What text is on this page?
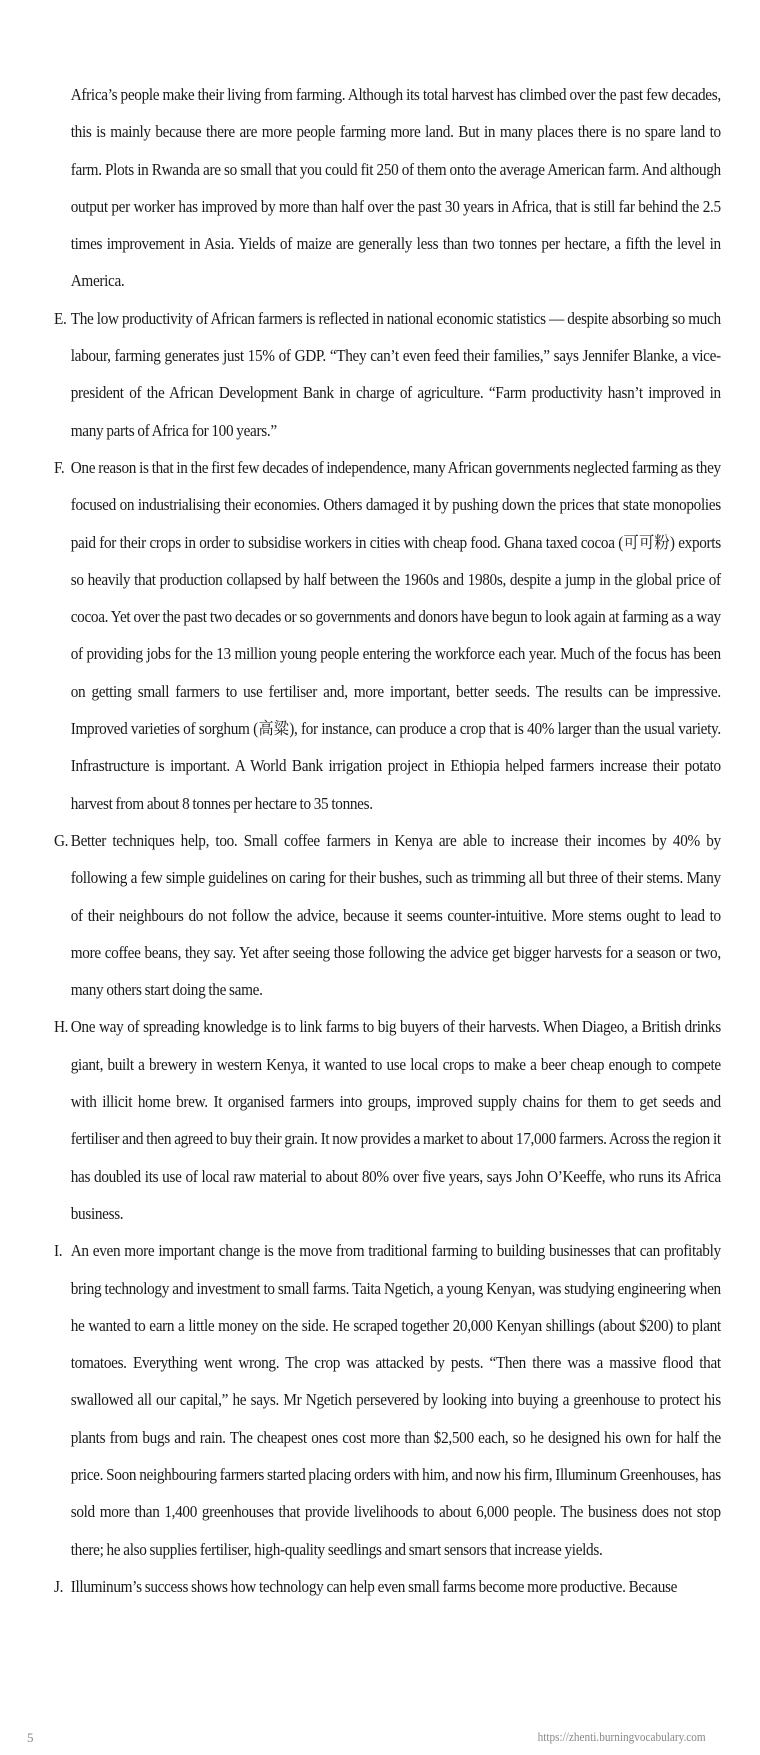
Africa’s people make their living from farming. Although its total harvest has climbed over the past few decades, this is mainly because there are more people farming more land. But in many places there is no spare land to farm. Plots in Rwanda are so small that you could fit 250 of them onto the average American farm. And although output per worker has improved by more than half over the past 30 years in Africa, that is still far behind the 2.5 times improvement in Asia. Yields of maize are generally less than two tonnes per hectare, a fifth the level in America.
E. The low productivity of African farmers is reflected in national economic statistics — despite absorbing so much labour, farming generates just 15% of GDP. “They can’t even feed their families,” says Jennifer Blanke, a vice-president of the African Development Bank in charge of agriculture. “Farm productivity hasn’t improved in many parts of Africa for 100 years.”
F. One reason is that in the first few decades of independence, many African governments neglected farming as they focused on industrialising their economies. Others damaged it by pushing down the prices that state monopolies paid for their crops in order to subsidise workers in cities with cheap food. Ghana taxed cocoa (可可粉) exports so heavily that production collapsed by half between the 1960s and 1980s, despite a jump in the global price of cocoa. Yet over the past two decades or so governments and donors have begun to look again at farming as a way of providing jobs for the 13 million young people entering the workforce each year. Much of the focus has been on getting small farmers to use fertiliser and, more important, better seeds. The results can be impressive. Improved varieties of sorghum (高粱), for instance, can produce a crop that is 40% larger than the usual variety. Infrastructure is important. A World Bank irrigation project in Ethiopia helped farmers increase their potato harvest from about 8 tonnes per hectare to 35 tonnes.
G. Better techniques help, too. Small coffee farmers in Kenya are able to increase their incomes by 40% by following a few simple guidelines on caring for their bushes, such as trimming all but three of their stems. Many of their neighbours do not follow the advice, because it seems counter-intuitive. More stems ought to lead to more coffee beans, they say. Yet after seeing those following the advice get bigger harvests for a season or two, many others start doing the same.
H. One way of spreading knowledge is to link farms to big buyers of their harvests. When Diageo, a British drinks giant, built a brewery in western Kenya, it wanted to use local crops to make a beer cheap enough to compete with illicit home brew. It organised farmers into groups, improved supply chains for them to get seeds and fertiliser and then agreed to buy their grain. It now provides a market to about 17,000 farmers. Across the region it has doubled its use of local raw material to about 80% over five years, says John O’Keeffe, who runs its Africa business.
I. An even more important change is the move from traditional farming to building businesses that can profitably bring technology and investment to small farms. Taita Ngetich, a young Kenyan, was studying engineering when he wanted to earn a little money on the side. He scraped together 20,000 Kenyan shillings (about $200) to plant tomatoes. Everything went wrong. The crop was attacked by pests. “Then there was a massive flood that swallowed all our capital,” he says. Mr Ngetich persevered by looking into buying a greenhouse to protect his plants from bugs and rain. The cheapest ones cost more than $2,500 each, so he designed his own for half the price. Soon neighbouring farmers started placing orders with him, and now his firm, Illuminum Greenhouses, has sold more than 1,400 greenhouses that provide livelihoods to about 6,000 people. The business does not stop there; he also supplies fertiliser, high-quality seedlings and smart sensors that increase yields.
J. Illuminum’s success shows how technology can help even small farms become more productive. Because
5	https://zhenti.burningvocabulary.com
